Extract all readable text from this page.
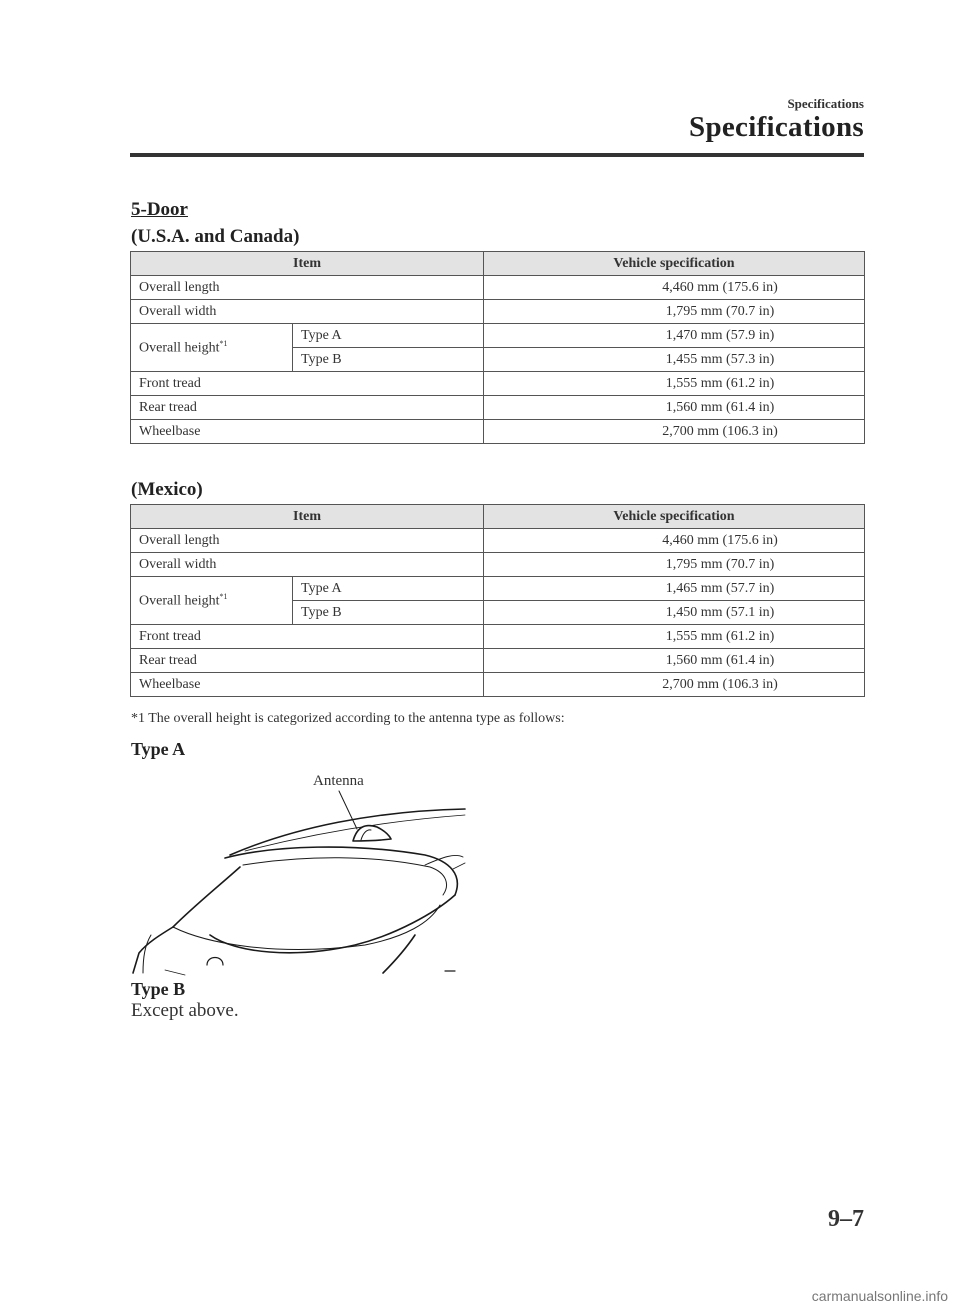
Specifications
Specifications
5-Door
(U.S.A. and Canada)
Item		Vehicle specification
Overall length		4,460 mm (175.6 in)
Overall width		1,795 mm (70.7 in)
Overall height$^{*1}$	Type A	1,470 mm (57.9 in)
	Type B	1,455 mm (57.3 in)
Front tread		1,555 mm (61.2 in)
Rear tread		1,560 mm (61.4 in)
Wheelbase		2,700 mm (106.3 in)
(Mexico)
Item		Vehicle specification
Overall length		4,460 mm (175.6 in)
Overall width		1,795 mm (70.7 in)
Overall height$^{*1}$	Type A	1,465 mm (57.7 in)
	Type B	1,450 mm (57.1 in)
Front tread		1,555 mm (61.2 in)
Rear tread		1,560 mm (61.4 in)
Wheelbase		2,700 mm (106.3 in)
*1 The overall height is categorized according to the antenna type as follows:
Type A
Antenna
Type B
Except above.
9–7
carmanualsonline.info
